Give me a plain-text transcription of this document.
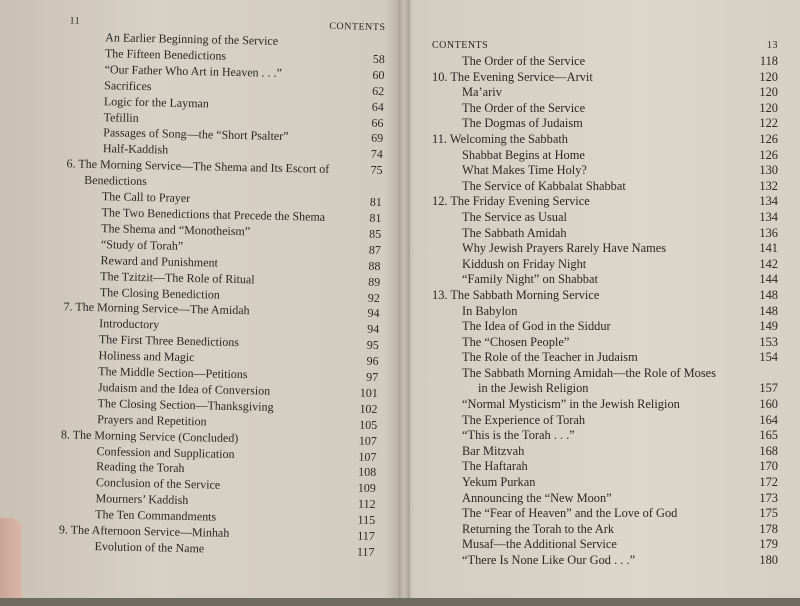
11	CONTENTS
An Earlier Beginning of the Service
The Fifteen Benedictions	58
“Our Father Who Art in Heaven . . .”	60
Sacrifices	62
Logic for the Layman	64
Tefillin	66
Passages of Song—the “Short Psalter”	69
Half-Kaddish	74
6. The Morning Service—The Shema and Its Escort of	75
Benedictions
The Call to Prayer	81
The Two Benedictions that Precede the Shema	81
The Shema and “Monotheism”	85
“Study of Torah”	87
Reward and Punishment	88
The Tzitzit—The Role of Ritual	89
The Closing Benediction	92
7. The Morning Service—The Amidah	94
Introductory	94
The First Three Benedictions	95
Holiness and Magic	96
The Middle Section—Petitions	97
Judaism and the Idea of Conversion	101
The Closing Section—Thanksgiving	102
Prayers and Repetition	105
8. The Morning Service (Concluded)	107
Confession and Supplication	107
Reading the Torah	108
Conclusion of the Service	109
Mourners’ Kaddish	112
The Ten Commandments	115
9. The Afternoon Service—Minhah	117
Evolution of the Name	117
CONTENTS	13
The Order of the Service	118
10. The Evening Service—Arvit	120
Ma’ariv	120
The Order of the Service	120
The Dogmas of Judaism	122
11. Welcoming the Sabbath	126
Shabbat Begins at Home	126
What Makes Time Holy?	130
The Service of Kabbalat Shabbat	132
12. The Friday Evening Service	134
The Service as Usual	134
The Sabbath Amidah	136
Why Jewish Prayers Rarely Have Names	141
Kiddush on Friday Night	142
“Family Night” on Shabbat	144
13. The Sabbath Morning Service	148
In Babylon	148
The Idea of God in the Siddur	149
The “Chosen People”	153
The Role of the Teacher in Judaism	154
The Sabbath Morning Amidah—the Role of Moses
in the Jewish Religion	157
“Normal Mysticism” in the Jewish Religion	160
The Experience of Torah	164
“This is the Torah . . .”	165
Bar Mitzvah	168
The Haftarah	170
Yekum Purkan	172
Announcing the “New Moon”	173
The “Fear of Heaven” and the Love of God	175
Returning the Torah to the Ark	178
Musaf—the Additional Service	179
“There Is None Like Our God . . .”	180
